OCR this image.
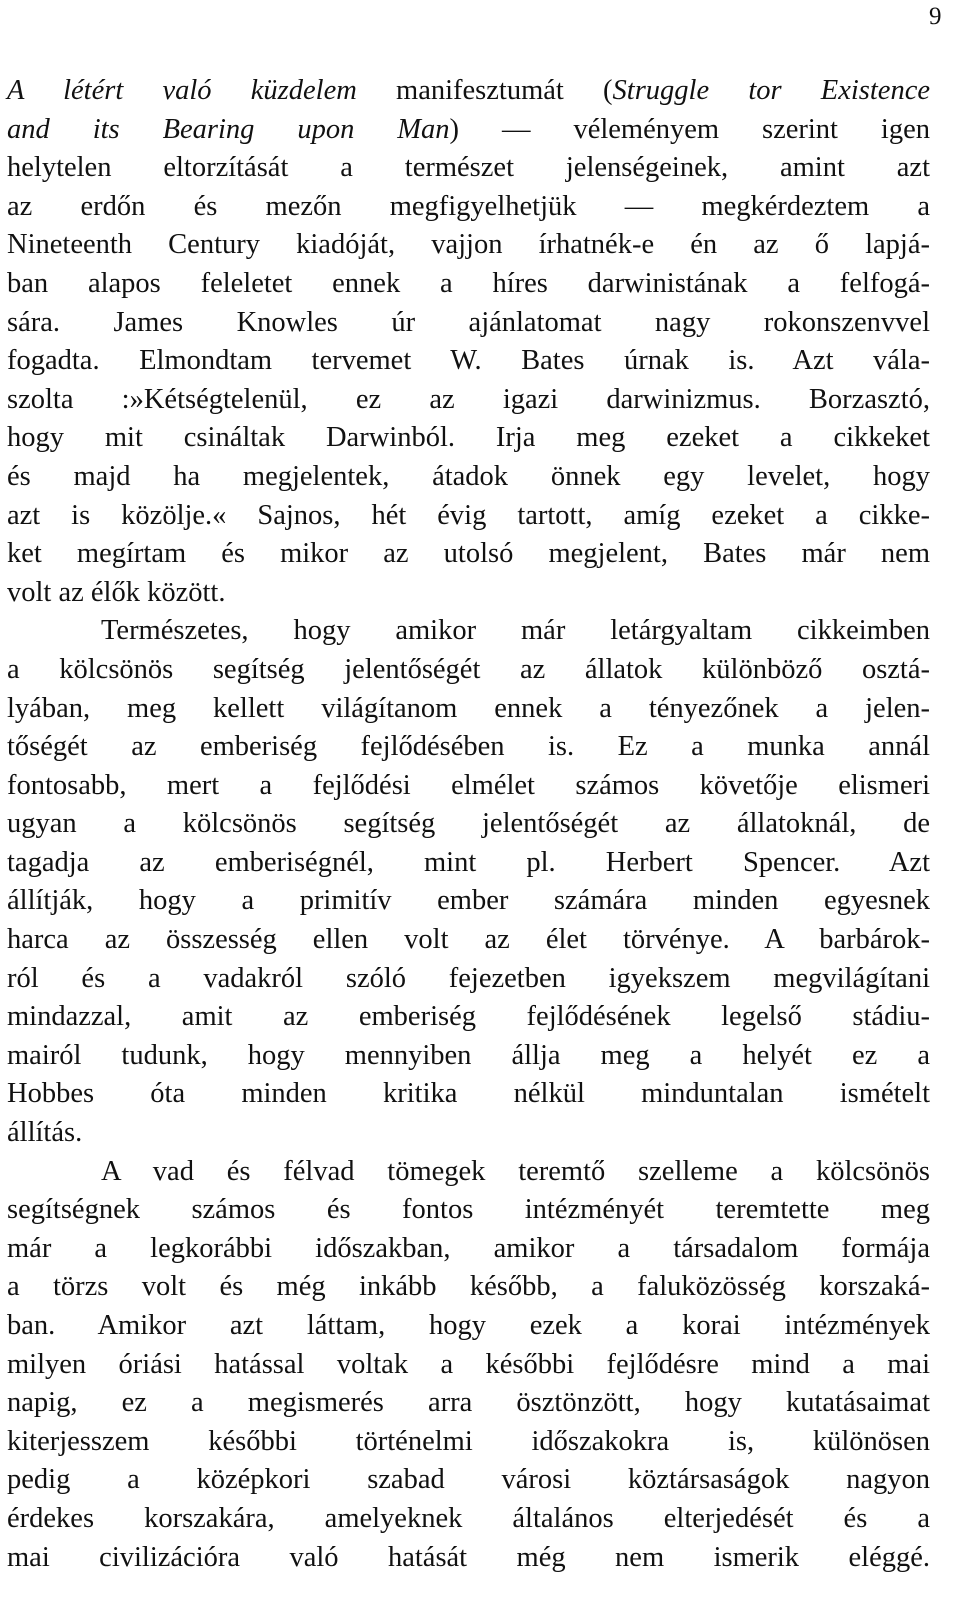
9
A létért való küzdelem manifesztumát (Struggle tor Existence
and its Bearing upon Man) — véleményem szerint igen
helytelen eltorzítását a természet jelenségeinek, amint azt
az erdőn és mezőn megfigyelhetjük — megkérdeztem a
Nineteenth Century kiadóját, vajjon írhatnék-e én az ő lapjá-
ban alapos feleletet ennek a híres darwinistának a felfogá-
sára. James Knowles úr ajánlatomat nagy rokonszenvvel
fogadta. Elmondtam tervemet W. Bates úrnak is. Azt vála-
szolta :»Kétségtelenül, ez az igazi darwinizmus. Borzasztó,
hogy mit csináltak Darwinból. Irja meg ezeket a cikkeket
és majd ha megjelentek, átadok önnek egy levelet, hogy
azt is közölje.« Sajnos, hét évig tartott, amíg ezeket a cikke-
ket megírtam és mikor az utolsó megjelent, Bates már nem
volt az élők között.
Természetes, hogy amikor már letárgyaltam cikkeimben
a kölcsönös segítség jelentőségét az állatok különböző osztá-
lyában, meg kellett világítanom ennek a tényezőnek a jelen-
tőségét az emberiség fejlődésében is. Ez a munka annál
fontosabb, mert a fejlődési elmélet számos követője elismeri
ugyan a kölcsönös segítség jelentőségét az állatoknál, de
tagadja az emberiségnél, mint pl. Herbert Spencer. Azt
állítják, hogy a primitív ember számára minden egyesnek
harca az összesség ellen volt az élet törvénye. A barbárok-
ról és a vadakról szóló fejezetben igyekszem megvilágítani
mindazzal, amit az emberiség fejlődésének legelső stádiu-
mairól tudunk, hogy mennyiben állja meg a helyét ez a
Hobbes óta minden kritika nélkül minduntalan ismételt
állítás.
A vad és félvad tömegek teremtő szelleme a kölcsönös
segítségnek számos és fontos intézményét teremtette meg
már a legkorábbi időszakban, amikor a társadalom formája
a törzs volt és még inkább később, a faluközösség korszaká-
ban. Amikor azt láttam, hogy ezek a korai intézmények
milyen óriási hatással voltak a későbbi fejlődésre mind a mai
napig, ez a megismerés arra ösztönzött, hogy kutatásaimat
kiterjesszem későbbi történelmi időszakokra is, különösen
pedig a középkori szabad városi köztársaságok nagyon
érdekes korszakára, amelyeknek általános elterjedését és a
mai civilizációra való hatását még nem ismerik eléggé.
